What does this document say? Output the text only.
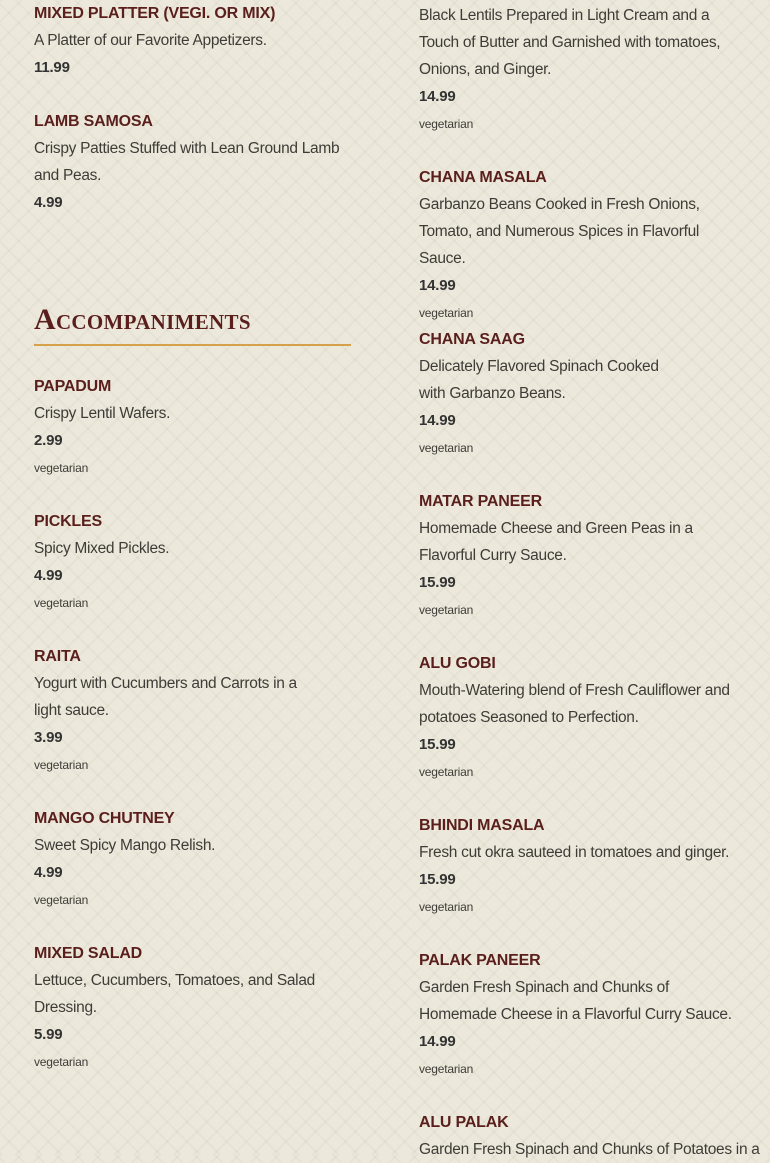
MIXED PLATTER (VEGI. OR MIX)
A Platter of our Favorite Appetizers.
11.99
LAMB SAMOSA
Crispy Patties Stuffed with Lean Ground Lamb and Peas.
4.99
Accompaniments
PAPADUM
Crispy Lentil Wafers.
2.99
vegetarian
PICKLES
Spicy Mixed Pickles.
4.99
vegetarian
RAITA
Yogurt with Cucumbers and Carrots in a light sauce.
3.99
vegetarian
MANGO CHUTNEY
Sweet Spicy Mango Relish.
4.99
vegetarian
MIXED SALAD
Lettuce, Cucumbers, Tomatoes, and Salad Dressing.
5.99
vegetarian
Black Lentils Prepared in Light Cream and a Touch of Butter and Garnished with tomatoes, Onions, and Ginger.
14.99
vegetarian
CHANA MASALA
Garbanzo Beans Cooked in Fresh Onions, Tomato, and Numerous Spices in Flavorful Sauce.
14.99
vegetarian
CHANA SAAG
Delicately Flavored Spinach Cooked with Garbanzo Beans.
14.99
vegetarian
MATAR PANEER
Homemade Cheese and Green Peas in a Flavorful Curry Sauce.
15.99
vegetarian
ALU GOBI
Mouth-Watering blend of Fresh Cauliflower and potatoes Seasoned to Perfection.
15.99
vegetarian
BHINDI MASALA
Fresh cut okra sauteed in tomatoes and ginger.
15.99
vegetarian
PALAK PANEER
Garden Fresh Spinach and Chunks of Homemade Cheese in a Flavorful Curry Sauce.
14.99
vegetarian
ALU PALAK
Garden Fresh Spinach and Chunks of Potatoes in a
